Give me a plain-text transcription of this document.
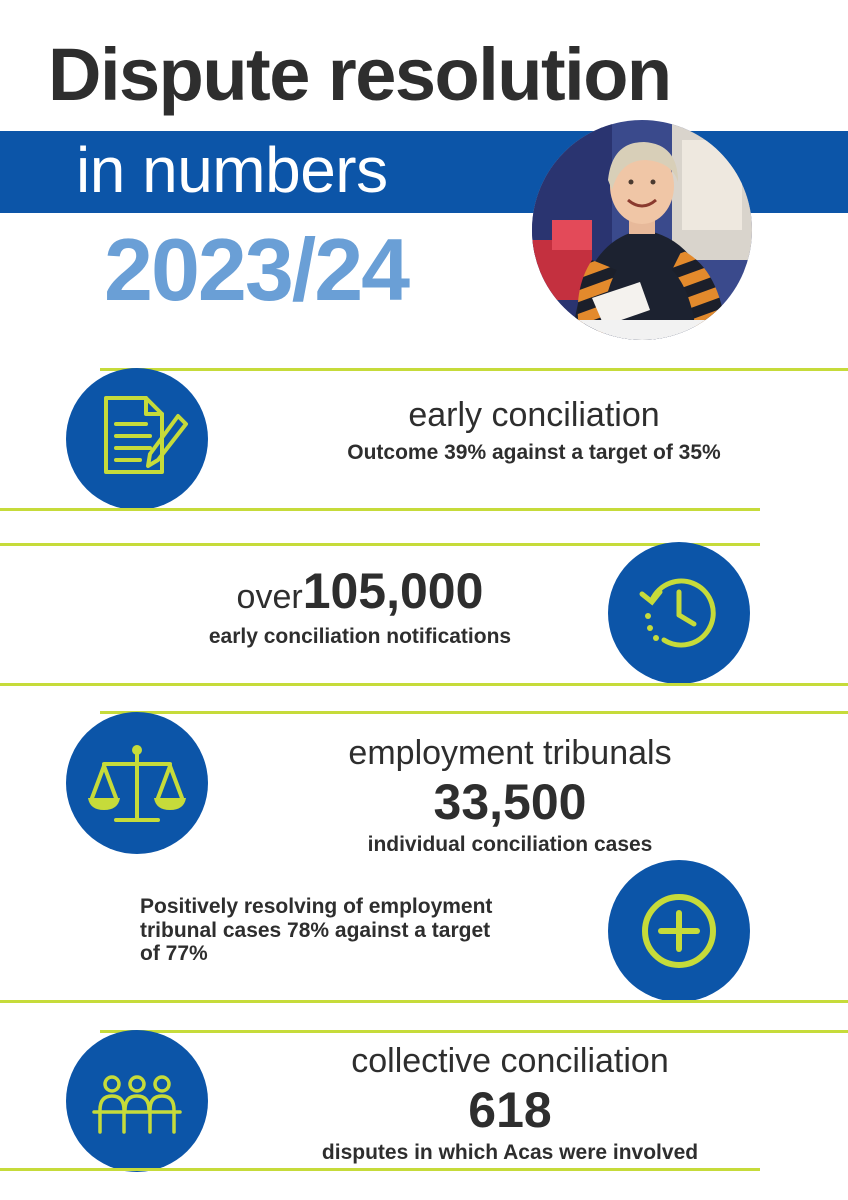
Dispute resolution
in numbers
2023/24
early conciliation
Outcome 39% against a target of 35%
over105,000
early conciliation notifications
employment tribunals
33,500
individual conciliation cases
Positively resolving of employment
tribunal cases 78% against a target
of 77%
collective conciliation
618
disputes in which Acas were involved
